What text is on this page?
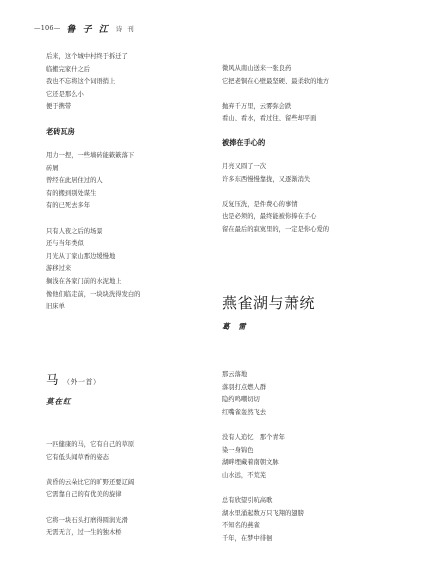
—106— 鲁 子 江 诗 刊
后来，这个城中村终于拆迁了
临搬完家什之后
我也不忘将这个词语捎上
它还是那么小
便于携带
老砖瓦房
用力一捏，一些墙砖能簌簌落下
砖屑
曾经在此居住过的人
有的搬到别处谋生
有的已死去多年
只有人夜之后的场景
还与当年类似
月光从丁家山那边缓慢地
游移过来
搁浅在各家门前的水泥地上
像他们临走前，一块块洗得发白的
旧床单
微风从南山送来一张良药
它把老铜在心壁最坚硬、最柔软的地方
抛弃千万里，云雾弥会跌
看山、看水，看过往、留些却平面
被捧在手心的
月亮又圆了一次
许多东西慢慢靠拢，又逐渐消失
反复压洗，是件费心的事情
也是必须的，最终能被你捧在手心
留在最后的寂寞里的，一定是你心爱的
燕雀湖与萧统
葛 雷
马 （外一首）
莫在红
一匹健康的马，它有自己的草原
它有低头闻草香的姿态
黄昏的云朵比它的旷野还要辽阔
它需靠自己的有优美的旋律
它将一块石头打磨得圆润光滑
无需无言，过一生的独木桥
那云落地
落羽打点燃人群
隐约鸣嘲切切
红嘴雀轰然飞去
没有人追忆　那个青年
染一身锦色
湖畔埋藏着南朝文脉
山水远，不荒芜
总有欣望引吭高歌
湖水里涌起数万只飞翔的翅膀
不知名的燕雀
千年，在梦中徘徊
